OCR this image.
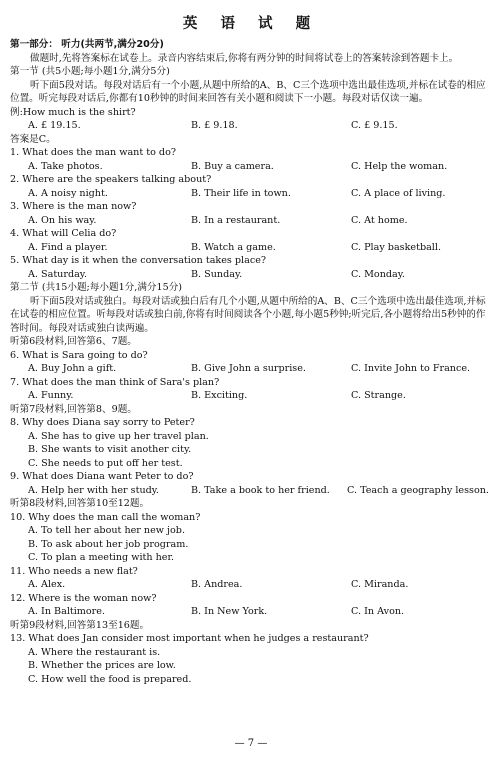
英 语 试 题
第一部分： 听力(共两节,满分20分)
做题时,先将答案标在试卷上。录音内容结束后,你将有两分钟的时间将试卷上的答案转涂到答题卡上。
第一节 (共5小题;每小题1分,满分5分)
听下面5段对话。每段对话后有一个小题,从题中所给的A、B、C三个选项中选出最佳选项,并标在试卷的相应位置。听完每段对话后,你都有10秒钟的时间来回答有关小题和阅读下一小题。每段对话仅读一遍。
例:How much is the shirt?
A. £ 19.15.	B. £ 9.18.	C. £ 9.15.
答案是C。
1. What does the man want to do?
A. Take photos.	B. Buy a camera.	C. Help the woman.
2. Where are the speakers talking about?
A. A noisy night.	B. Their life in town.	C. A place of living.
3. Where is the man now?
A. On his way.	B. In a restaurant.	C. At home.
4. What will Celia do?
A. Find a player.	B. Watch a game.	C. Play basketball.
5. What day is it when the conversation takes place?
A. Saturday.	B. Sunday.	C. Monday.
第二节 (共15小题;每小题1分,满分15分)
听下面5段对话或独白。每段对话或独白后有几个小题,从题中所给的A、B、C三个选项中选出最佳选项,并标在试卷的相应位置。听每段对话或独白前,你将有时间阅读各个小题,每小题5秒钟;听完后,各小题将给出5秒钟的作答时间。每段对话或独白读两遍。
听第6段材料,回答第6、7题。
6. What is Sara going to do?
A. Buy John a gift.	B. Give John a surprise.	C. Invite John to France.
7. What does the man think of Sara's plan?
A. Funny.	B. Exciting.	C. Strange.
听第7段材料,回答第8、9题。
8. Why does Diana say sorry to Peter?
A. She has to give up her travel plan.
B. She wants to visit another city.
C. She needs to put off her test.
9. What does Diana want Peter to do?
A. Help her with her study.	B. Take a book to her friend. C. Teach a geography lesson.
听第8段材料,回答第10至12题。
10. Why does the man call the woman?
A. To tell her about her new job.
B. To ask about her job program.
C. To plan a meeting with her.
11. Who needs a new flat?
A. Alex.	B. Andrea.	C. Miranda.
12. Where is the woman now?
A. In Baltimore.	B. In New York.	C. In Avon.
听第9段材料,回答第13至16题。
13. What does Jan consider most important when he judges a restaurant?
A. Where the restaurant is.
B. Whether the prices are low.
C. How well the food is prepared.
— 7 —
